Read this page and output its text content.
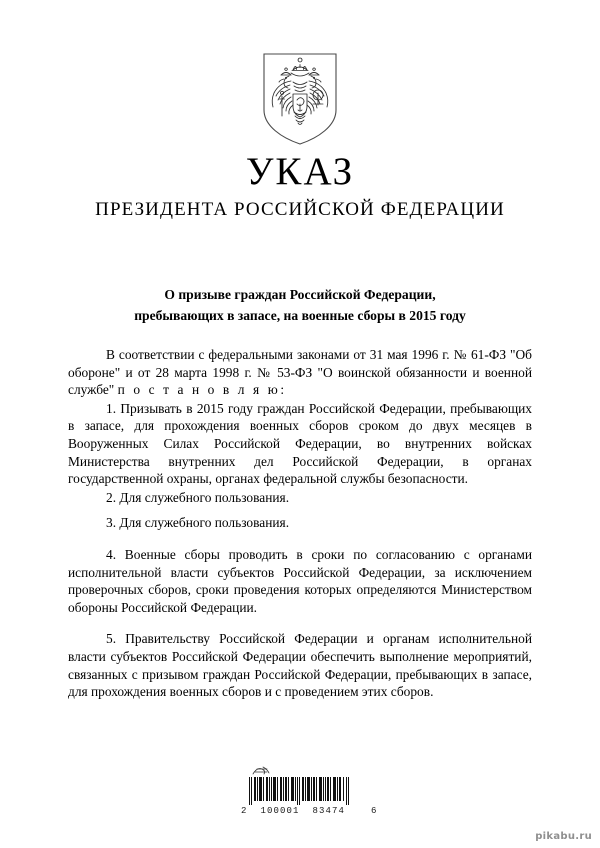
УКАЗ
ПРЕЗИДЕНТА РОССИЙСКОЙ ФЕДЕРАЦИИ
О призыве граждан Российской Федерации,
пребывающих в запасе, на военные сборы в 2015 году

В соответствии с федеральными законами от 31 мая 1996 г. № 61-ФЗ "Об обороне" и от 28 марта 1998 г. № 53-ФЗ "О воинской обязанности и военной службе" п о с т а н о в л я ю:

1. Призывать в 2015 году граждан Российской Федерации, пребывающих в запасе, для прохождения военных сборов сроком до двух месяцев в Вооруженных Силах Российской Федерации, во внутренних войсках Министерства внутренних дел Российской Федерации, в органах государственной охраны, органах федеральной службы безопасности.

2. Для служебного пользования.

3. Для служебного пользования.

4. Военные сборы проводить в сроки по согласованию с органами исполнительной власти субъектов Российской Федерации, за исключением проверочных сборов, сроки проведения которых определяются Министерством обороны Российской Федерации.

5. Правительству Российской Федерации и органам исполнительной власти субъектов Российской Федерации обеспечить выполнение мероприятий, связанных с призывом граждан Российской Федерации, пребывающих в запасе, для прохождения военных сборов и с проведением этих сборов.

2  100001  83474    6
pikabu.ru
